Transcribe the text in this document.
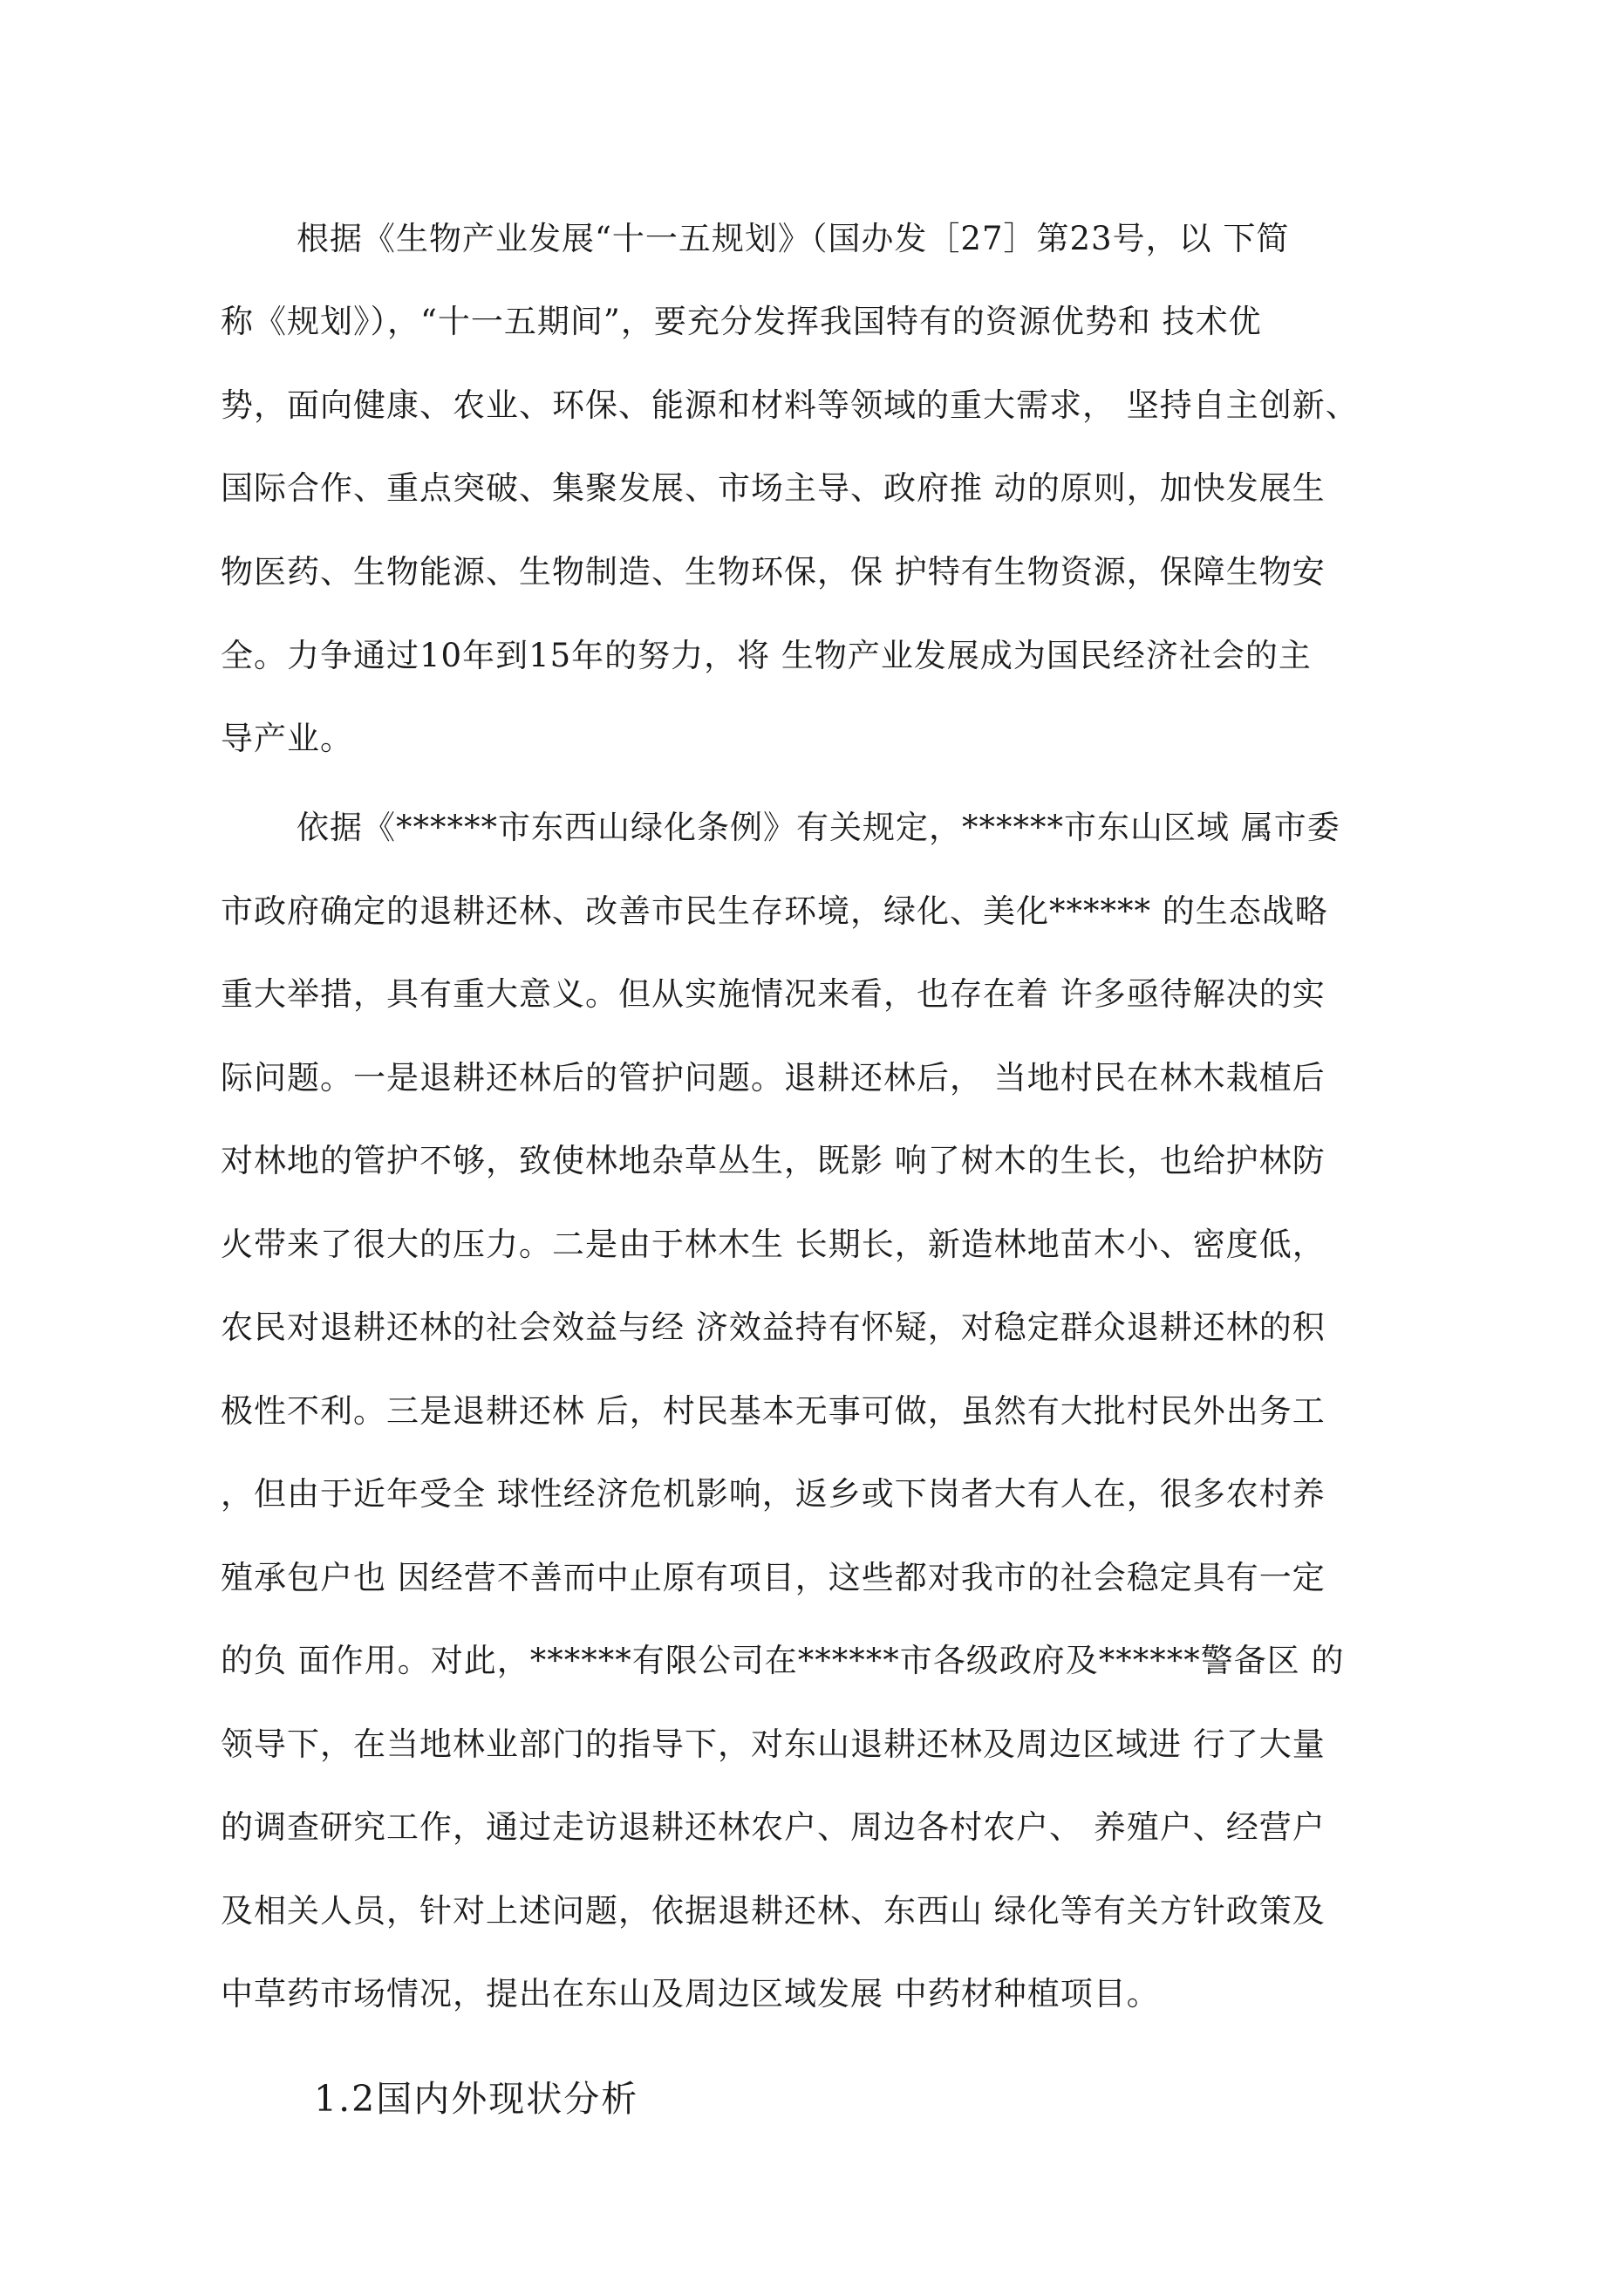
根据《生物产业发展“十一五规划》（国办发［27］第23号，以 下简
称《规划》），“十一五期间”，要充分发挥我国特有的资源优势和 技术优
势，面向健康、农业、环保、能源和材料等领域的重大需求， 坚持自主创新、
国际合作、重点突破、集聚发展、市场主导、政府推 动的原则，加快发展生
物医药、生物能源、生物制造、生物环保，保 护特有生物资源，保障生物安
全。力争通过10年到15年的努力，将 生物产业发展成为国民经济社会的主
导产业。
依据《******市东西山绿化条例》有关规定，******市东山区域 属市委
市政府确定的退耕还林、改善市民生存环境，绿化、美化****** 的生态战略
重大举措，具有重大意义。但从实施情况来看，也存在着 许多亟待解决的实
际问题。一是退耕还林后的管护问题。退耕还林后， 当地村民在林木栽植后
对林地的管护不够，致使林地杂草丛生，既影 响了树木的生长，也给护林防
火带来了很大的压力。二是由于林木生 长期长，新造林地苗木小、密度低，
农民对退耕还林的社会效益与经 济效益持有怀疑，对稳定群众退耕还林的积
极性不利。三是退耕还林 后，村民基本无事可做，虽然有大批村民外出务工
，但由于近年受全 球性经济危机影响，返乡或下岗者大有人在，很多农村养
殖承包户也 因经营不善而中止原有项目，这些都对我市的社会稳定具有一定
的负 面作用。对此，******有限公司在******市各级政府及******警备区 的
领导下，在当地林业部门的指导下，对东山退耕还林及周边区域进 行了大量
的调查研究工作，通过走访退耕还林农户、周边各村农户、 养殖户、经营户
及相关人员，针对上述问题，依据退耕还林、东西山 绿化等有关方针政策及
中草药市场情况，提出在东山及周边区域发展 中药材种植项目。
1.2国内外现状分析
